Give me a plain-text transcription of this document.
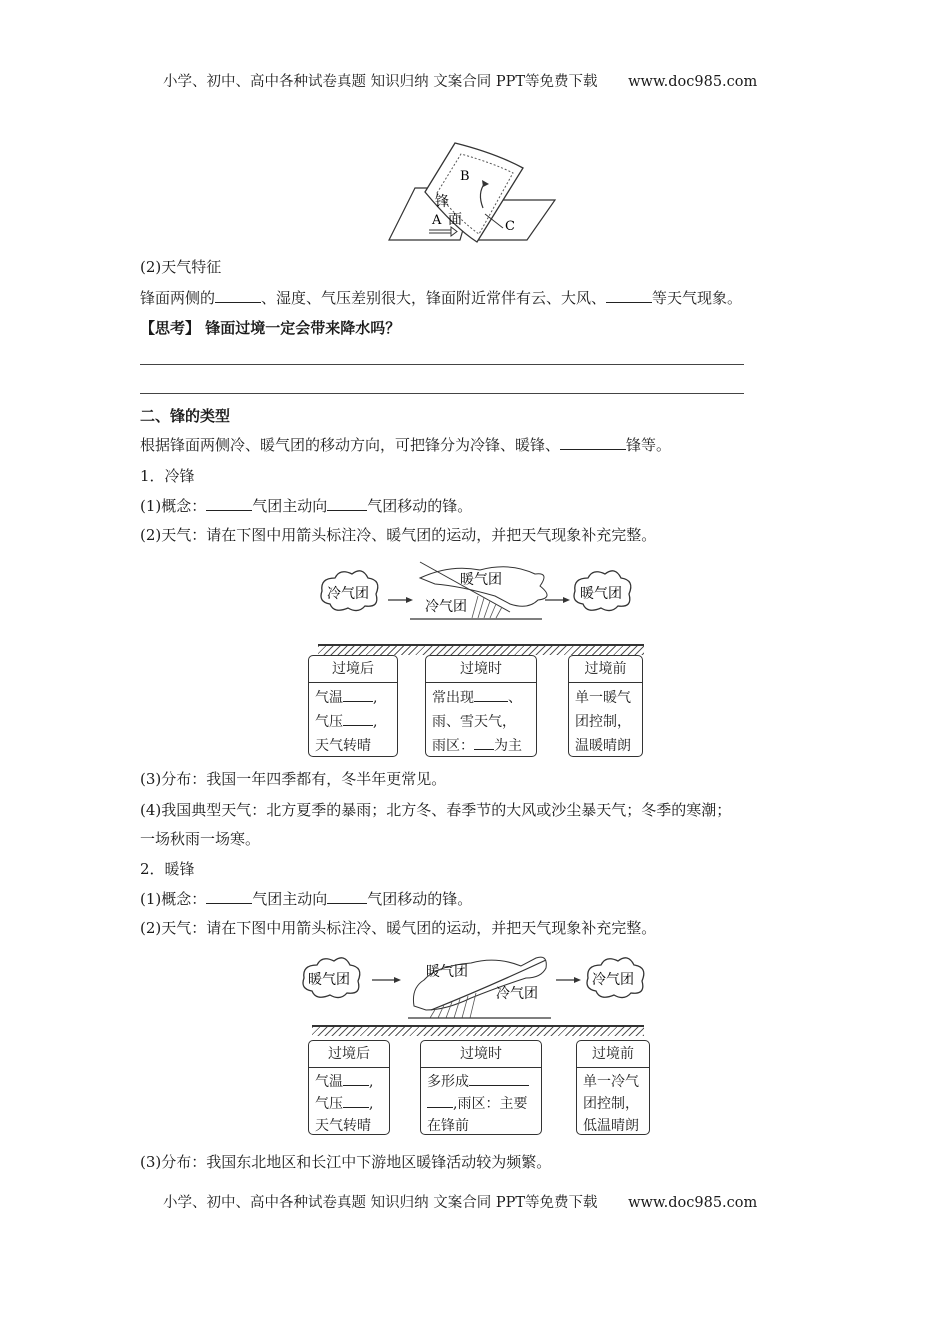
小学、初中、高中各种试卷真题 知识归纳 文案合同 PPT等免费下载 www.doc985.com
B
C
A
锋
面
(2)天气特征
锋面两侧的	、湿度、气压差别很大，锋面附近常伴有云、大风、	等天气现象。
【思考】 锋面过境一定会带来降水吗？
二、锋的类型
根据锋面两侧冷、暖气团的移动方向，可把锋分为冷锋、暖锋、	锋等。
1．冷锋
(1)概念：	气团主动向	气团移动的锋。
(2)天气：请在下图中用箭头标注冷、暖气团的运动，并把天气现象补充完整。
冷气团
暖气团
冷气团
暖气团
过境后
气温 ,
气压 ,
天气转晴
过境时
常出现 、
雨、雪天气，
雨区： 为主
过境前
单一暖气
团控制，
温暖晴朗
(3)分布：我国一年四季都有，冬半年更常见。
(4)我国典型天气：北方夏季的暴雨；北方冬、春季节的大风或沙尘暴天气；冬季的寒潮；
一场秋雨一场寒。
2．暖锋
(1)概念：	气团主动向	气团移动的锋。
(2)天气：请在下图中用箭头标注冷、暖气团的运动，并把天气现象补充完整。
暖气团	暖气团
冷气团
冷气团
过境后
气温 ,
气压 ,
天气转晴
过境时
多形成
,雨区：主要
在锋前
过境前
单一冷气
团控制，
低温晴朗
(3)分布：我国东北地区和长江中下游地区暖锋活动较为频繁。
小学、初中、高中各种试卷真题 知识归纳 文案合同 PPT等免费下载 www.doc985.com
